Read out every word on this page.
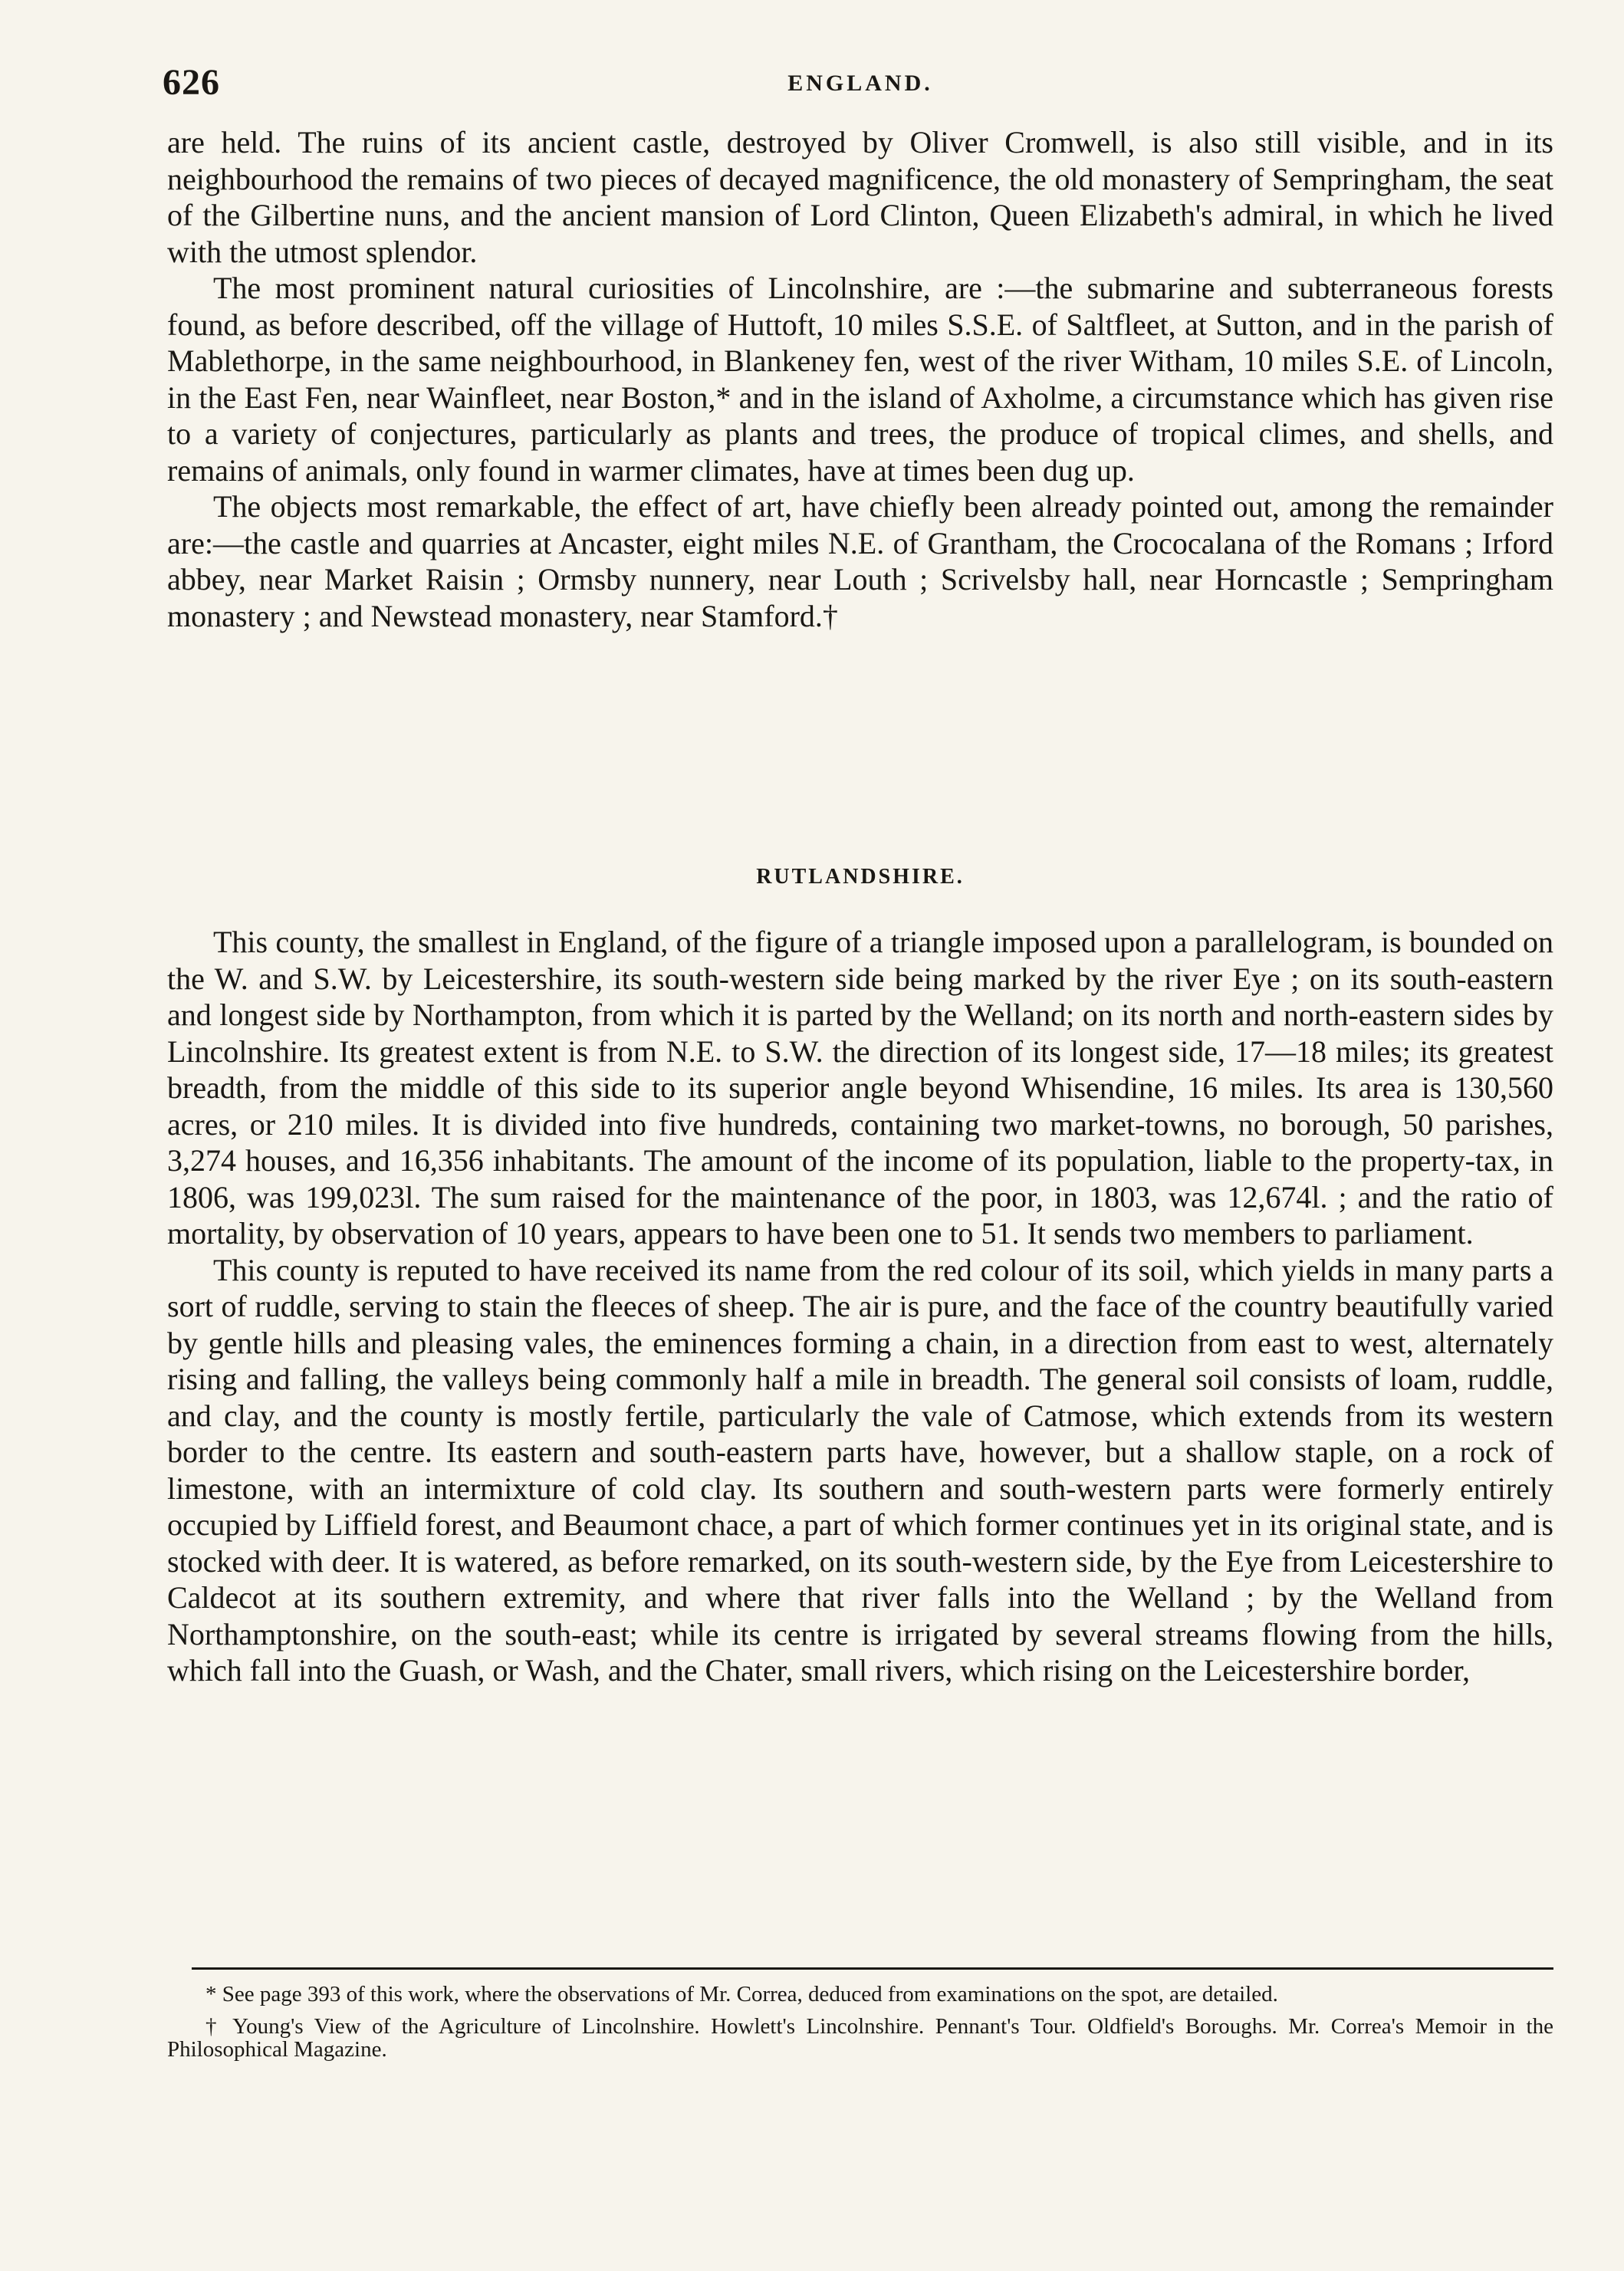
626	ENGLAND.

are held. The ruins of its ancient castle, destroyed by Oliver Cromwell, is also still visible, and in its neighbourhood the remains of two pieces of decayed magnificence, the old monastery of Sempringham, the seat of the Gilbertine nuns, and the ancient mansion of Lord Clinton, Queen Elizabeth's admiral, in which he lived with the utmost splendor.

The most prominent natural curiosities of Lincolnshire, are :—the submarine and subterraneous forests found, as before described, off the village of Huttoft, 10 miles S.S.E. of Saltfleet, at Sutton, and in the parish of Mablethorpe, in the same neighbourhood, in Blankeney fen, west of the river Witham, 10 miles S.E. of Lincoln, in the East Fen, near Wainfleet, near Boston,* and in the island of Axholme, a circumstance which has given rise to a variety of conjectures, particularly as plants and trees, the produce of tropical climes, and shells, and remains of animals, only found in warmer climates, have at times been dug up.

The objects most remarkable, the effect of art, have chiefly been already pointed out, among the remainder are:—the castle and quarries at Ancaster, eight miles N.E. of Grantham, the Crococalana of the Romans ; Irford abbey, near Market Raisin ; Ormsby nunnery, near Louth ; Scrivelsby hall, near Horncastle ; Sempringham monastery ; and Newstead monastery, near Stamford.†

RUTLANDSHIRE.

This county, the smallest in England, of the figure of a triangle imposed upon a parallelogram, is bounded on the W. and S.W. by Leicestershire, its south-western side being marked by the river Eye ; on its south-eastern and longest side by Northampton, from which it is parted by the Welland; on its north and north-eastern sides by Lincolnshire. Its greatest extent is from N.E. to S.W. the direction of its longest side, 17—18 miles; its greatest breadth, from the middle of this side to its superior angle beyond Whisendine, 16 miles. Its area is 130,560 acres, or 210 miles. It is divided into five hundreds, containing two market-towns, no borough, 50 parishes, 3,274 houses, and 16,356 inhabitants. The amount of the income of its population, liable to the property-tax, in 1806, was 199,023l. The sum raised for the maintenance of the poor, in 1803, was 12,674l. ; and the ratio of mortality, by observation of 10 years, appears to have been one to 51. It sends two members to parliament.

This county is reputed to have received its name from the red colour of its soil, which yields in many parts a sort of ruddle, serving to stain the fleeces of sheep. The air is pure, and the face of the country beautifully varied by gentle hills and pleasing vales, the eminences forming a chain, in a direction from east to west, alternately rising and falling, the valleys being commonly half a mile in breadth. The general soil consists of loam, ruddle, and clay, and the county is mostly fertile, particularly the vale of Catmose, which extends from its western border to the centre. Its eastern and south-eastern parts have, however, but a shallow staple, on a rock of limestone, with an intermixture of cold clay. Its southern and south-western parts were formerly entirely occupied by Liffield forest, and Beaumont chace, a part of which former continues yet in its original state, and is stocked with deer. It is watered, as before remarked, on its south-western side, by the Eye from Leicestershire to Caldecot at its southern extremity, and where that river falls into the Welland ; by the Welland from Northamptonshire, on the south-east; while its centre is irrigated by several streams flowing from the hills, which fall into the Guash, or Wash, and the Chater, small rivers, which rising on the Leicestershire border,

* See page 393 of this work, where the observations of Mr. Correa, deduced from examinations on the spot, are detailed.

† Young's View of the Agriculture of Lincolnshire. Howlett's Lincolnshire. Pennant's Tour. Oldfield's Boroughs. Mr. Correa's Memoir in the Philosophical Magazine.
